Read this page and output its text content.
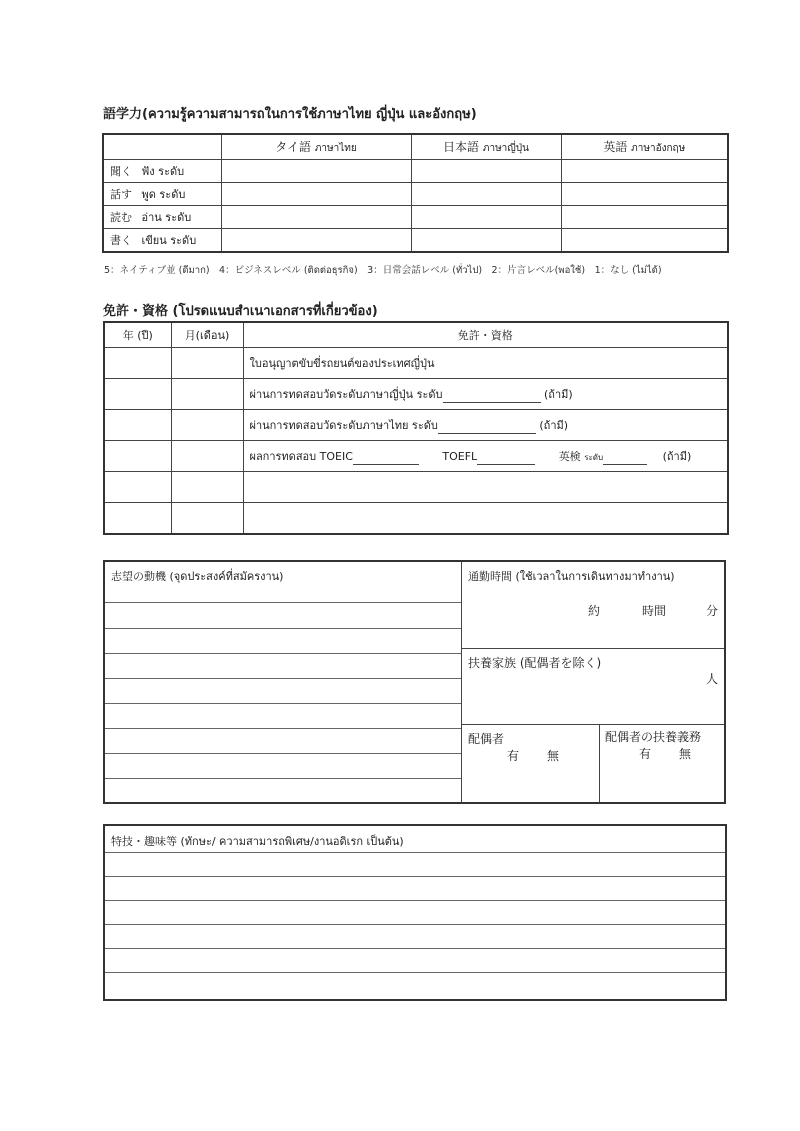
語学力(ความรู้ความสามารถในการใช้ภาษาไทย ญี่ปุ่น และอังกฤษ)
	タイ語 ภาษาไทย	日本語 ภาษาญี่ปุ่น	英語 ภาษาอังกฤษ
聞く ฟัง ระดับ			
話す พูด ระดับ			
読む อ่าน ระดับ			
書く เขียน ระดับ			
5：ネイティブ並 (ดีมาก)　4：ビジネスレベル (ติดต่อธุรกิจ)　3：日常会話レベル (ทั่วไป)　2：片言レベル(พอใช้)　1：なし (ไม่ได้)
免許・資格 (โปรดแนบสำเนาเอกสารที่เกี่ยวข้อง)
年 (ปี)	月(เดือน)	免許・資格
		ใบอนุญาตขับขี่รถยนต์ของประเทศญี่ปุ่น
		ผ่านการทดสอบวัดระดับภาษาญี่ปุ่น ระดับ (ถ้ามี)
		ผ่านการทดสอบวัดระดับภาษาไทย ระดับ (ถ้ามี)
		ผลการทดสอบ TOEIC TOEFL 英検 ระดับ (ถ้ามี)

志望の動機 (จุดประสงค์ที่สมัครงาน)	通勤時間 (ใช้เวลาในการเดินทางมาทำงาน)
約	時間	分
扶養家族 (配偶者を除く)
人
配偶者
有 無
配偶者の扶養義務
有 無
特技・趣味等 (ทักษะ/ ความสามารถพิเศษ/งานอดิเรก เป็นต้น)
